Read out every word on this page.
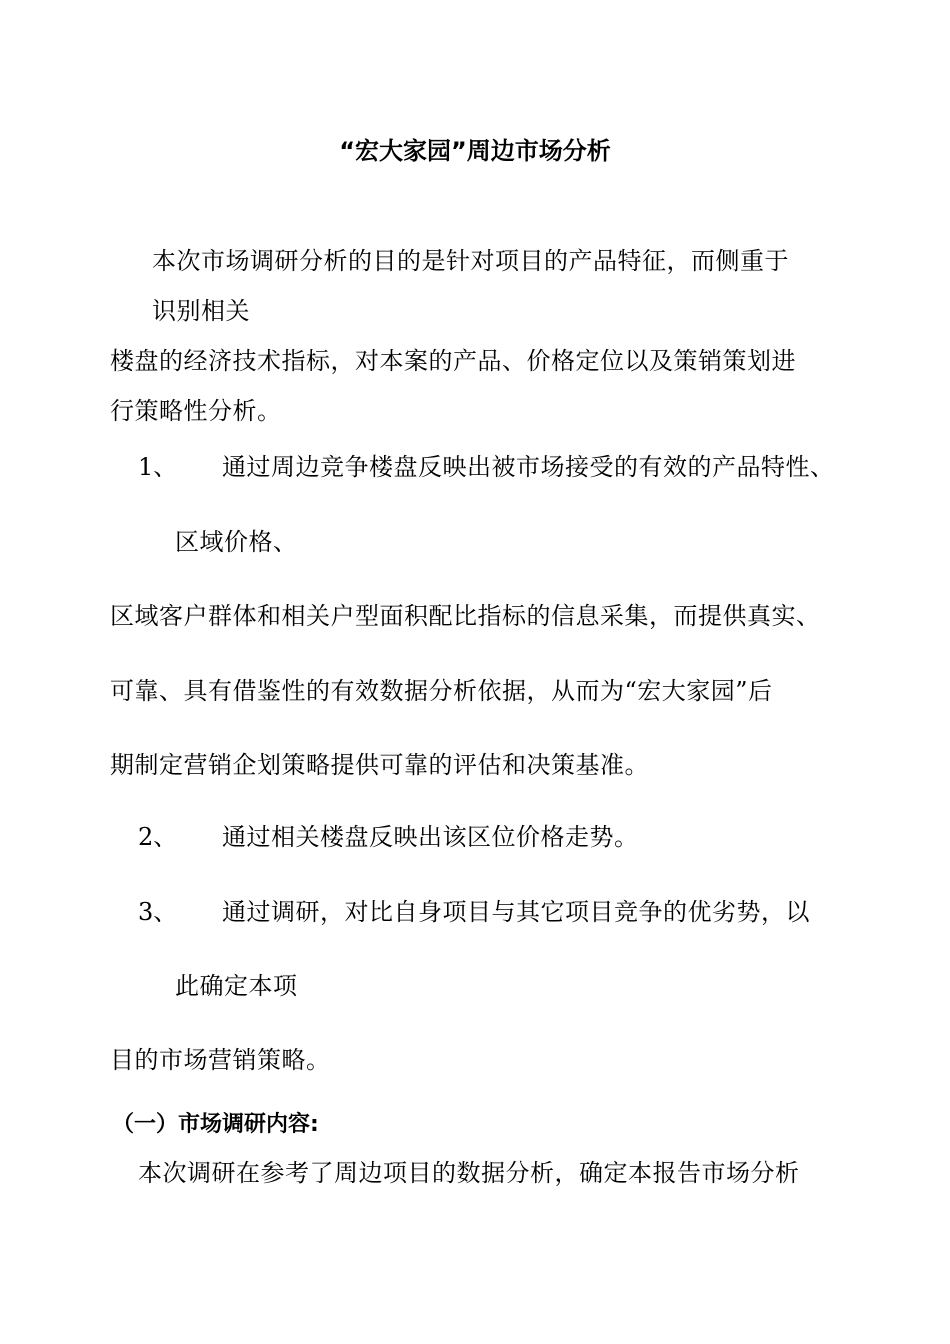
“宏大家园”周边市场分析
本次市场调研分析的目的是针对项目的产品特征，而侧重于
识别相关
楼盘的经济技术指标，对本案的产品、价格定位以及策销策划进
行策略性分析。
1、 通过周边竞争楼盘反映出被市场接受的有效的产品特性、
区域价格、
区域客户群体和相关户型面积配比指标的信息采集，而提供真实、
可靠、具有借鉴性的有效数据分析依据，从而为“宏大家园”后
期制定营销企划策略提供可靠的评估和决策基准。
2、 通过相关楼盘反映出该区位价格走势。
3、 通过调研，对比自身项目与其它项目竞争的优劣势，以
此确定本项
目的市场营销策略。
（一）市场调研内容:
本次调研在参考了周边项目的数据分析，确定本报告市场分析
